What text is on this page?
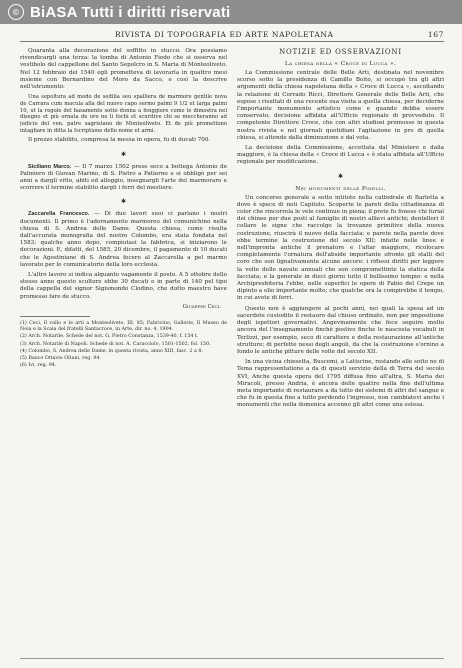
© BiASA Tutti i diritti riservati
RIVISTA DI TOPOGRAFIA ED ARTE NAPOLETANA	167

Quarantа alla decorazione del soffitto in stucco. Ora possiamo rivendicargli una terza: la tomba di Antonio Fiodo che si osserva nel vestibolo del cappellone del Santo Sepolcro in S. Maria di Monteoliveto. Nel 12 febbraio del 1540 egli prometteva di lavorarla in quattro mesi insieme con Bernardino del Moro da Sacco, e così la descrive nell'istrumento:

Una sepoltura ad modo de sedilia seu spalliera de marmore gentile nova de Carrara cum macula alla del nuovo capo sermo palmi 9 1/2 et larga palmi 10, ut la regole del basamento sotto donna a fenggiere come le dimostra nel disegno et più ornata de oro ne li fochi et scuritive chi se meccheranno ad judicio del ven. patre sagristano de Monteoliveto. Et de più promettono intagliare in ditta la Iscriptione dello nome et armi.

Il prezzo stabilito, compresa la messa in opera, fu di ducati 700.

✱

Siciliano Marco. — Il 7 marzo 1502 prese seco a bottega Antonio de Palmiero di Giovan Marino, di S. Pietro a Patierno e si obbligò per sei anni a dargli vitto, abiti ed alloggio, insegnargli l'arte del marmoraro e scorrere il termine stabilito dargli i ferri del mestiere.

✱

Zaccarella Francesco. — Di due lavori suoi ci parlano i nostri documenti. Il primo è l'adornamento marmoreo del comunichino nella chiesa di S. Andrea delle Dame. Questa chiesa, come risulta dall'accurata monografia del nostro Colombo, era stata fondata nel 1583; qualche anno dopo, compiutasi la fabbrica, si iniziarono le decorazioni. E, difatti, del 1585, 20 dicembre, il pagamento di 10 ducati che le Agostiniane di S. Andrea fecero al Zaccarella a pel marmo lavorato per lo comunicatorio della loro ecclesia.

L'altro lavoro si indica alquanto vagamente il posto. A 5 ottobre dello stesso anno questo scultore ebbe 30 ducati e in parte di 140 pel tipo della cappella del signor Sigismondo Clodino, che dotto maestro have promesso fare de stucco.

Giuseppe Ceci.

(1) Ceci, Il vallo e le arti a Monteoliveto, III, 85; Fabricino, Gallerie, Il Museo de Noia e la Scala del fratelli Santacroce, in Arte, dir. no. 4, 1904.

(2) Arch. Notarile. Schede del not. G. Pietro Constanza, 1539-40, f. 154 t.

(3) Arch. Notarile di Napoli. Schede di not. A. Caracciolo, 1501-1502, fol. 150.

(4) Colombo, S. Andrea delle Dame, in questa rivista, anno XIII, fasc. 2 a 8.

(5) Banco Ottavio Oltani, reg. 94.

(6) Ivi, reg. 94.

NOTIZIE ED OSSERVAZIONI
La chiesa della « Croce di Lucca ».

La Commissione centrale delle Belle Arti, destinata nel novembre scorso sotto la presidenza di Camillo Boito, si occupò tra gli altri argomenti della chiesa napoletana della « Croce di Lucca », ascoltando la relazione di Corrado Ricci, Direttore Generale delle Belle Arti, che espose i risultati di una recente sua visita a quella chiesa, per deciderne l'importante monumento artistico come e quando debba essere conservato; decisione affidata all'Ufficio regionale di provveduto. Il competente Direttore Croce, che con altri studiosi promosse in questa nostra rivista e nel giornali quotidiani l'agitazione in pro di quella chiesa, si attende dalla diminuzione e dal vota.

La decisione della Commissione, accettata dal Ministero e dalla maggiore, è la chiesa della « Croce di Lucca » è stata affidata all'Ufficio regionale per modificazione.

✱
Nei monumenti delle Pinelli.

Un concorso generale a sotto intitoto nella cattedrale di Barletta a dove è spece di noti Capitolo. Scoperte le pareti della cittadinanza di color che rincorrela le vele continue in piena; il prete fu fonese chi furial dei chinee per due posti al famiglio di nostri allievi antichi; dentelleri il collare le signe che raccolgo la trovanze primitive della nuova costruzione, riuscirà il nuovo della facciata: e parete nella parete dove ebbe termine la costruzione del secolo XII; infatte nelle linee e nell'impronta antiche il prenatore e l'altar maggiore, ricolocare completamente l'ornatura dell'abside importante sfronte gli stalli del coro che son lignativamente alcune ancore: i riflessi diritti per leggere la volte delle navate annuali che son compromettinte la statica della facciata; e la generale in dieci giorni tutto il bellissimo tempio: e nella Archipresbiteria l'ebbe, nelle superfici le opere di Fabio del Crepe un dipinto a olio importante molto; che qualche ora la compirebbe il tempo, in cui avete di ferri.

Questo non è aggiungere al pochi anni, nei quali la spesa ad un sacerdote custodito il restauro dal chiuso ordinato, non per impositione degli ispettori governativi. Angevinamente che fece seguire molto ancora del l'insegnamento finchè postivo finche le nascosta vocabuli in Terlizzi, per esempio, seco di carattere e della restaurazione all'antiche strutture; di perfette nessi degli angoli, da che la costruzione s'ornino a fondo le antiche pitture delle volte del secolo XII.

In una vicina chiesetta, Buscemi, a Latiscine, restando alle sotto ne di Tema rappresentatione a da di questi servizio della di Terra del secolo XVI, Anche questa opera del 1795 diffusa fino all'altra, S. Maria dei Miracoli, presso Andria, è ancora delle quattro nella fine dell'ultima meta importante di restaurare a da tutto dei sistemi di altri del sangue e che fu in questa fino a tutto perdendo l'ingresso, non cambiatevi anche i monumenti che nella domenica accenno gli altri come una estesa.
